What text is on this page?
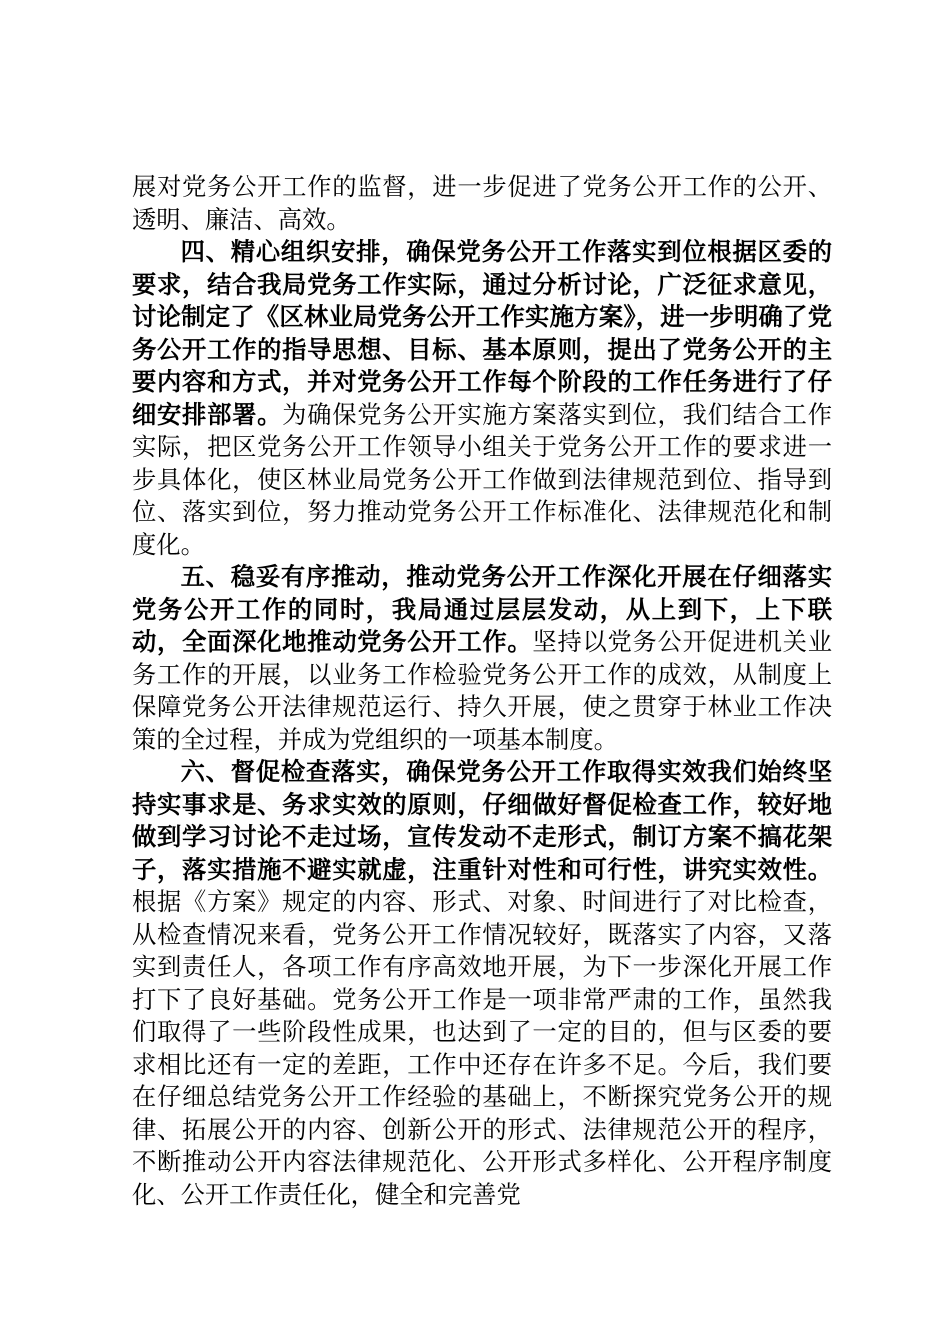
展对党务公开工作的监督，进一步促进了党务公开工作的公开、透明、廉洁、高效。

四、精心组织安排，确保党务公开工作落实到位根据区委的要求，结合我局党务工作实际，通过分析讨论，广泛征求意见，讨论制定了《区林业局党务公开工作实施方案》，进一步明确了党务公开工作的指导思想、目标、基本原则，提出了党务公开的主要内容和方式，并对党务公开工作每个阶段的工作任务进行了仔细安排部署。为确保党务公开实施方案落实到位，我们结合工作实际，把区党务公开工作领导小组关于党务公开工作的要求进一步具体化，使区林业局党务公开工作做到法律规范到位、指导到位、落实到位，努力推动党务公开工作标准化、法律规范化和制度化。

五、稳妥有序推动，推动党务公开工作深化开展在仔细落实党务公开工作的同时，我局通过层层发动，从上到下，上下联动，全面深化地推动党务公开工作。坚持以党务公开促进机关业务工作的开展，以业务工作检验党务公开工作的成效，从制度上保障党务公开法律规范运行、持久开展，使之贯穿于林业工作决策的全过程，并成为党组织的一项基本制度。

六、督促检查落实，确保党务公开工作取得实效我们始终坚持实事求是、务求实效的原则，仔细做好督促检查工作，较好地做到学习讨论不走过场，宣传发动不走形式，制订方案不搞花架子，落实措施不避实就虚，注重针对性和可行性，讲究实效性。根据《方案》规定的内容、形式、对象、时间进行了对比检查，从检查情况来看，党务公开工作情况较好，既落实了内容，又落实到责任人，各项工作有序高效地开展，为下一步深化开展工作打下了良好基础。党务公开工作是一项非常严肃的工作，虽然我们取得了一些阶段性成果，也达到了一定的目的，但与区委的要求相比还有一定的差距，工作中还存在许多不足。今后，我们要在仔细总结党务公开工作经验的基础上，不断探究党务公开的规律、拓展公开的内容、创新公开的形式、法律规范公开的程序，不断推动公开内容法律规范化、公开形式多样化、公开程序制度化、公开工作责任化，健全和完善党
